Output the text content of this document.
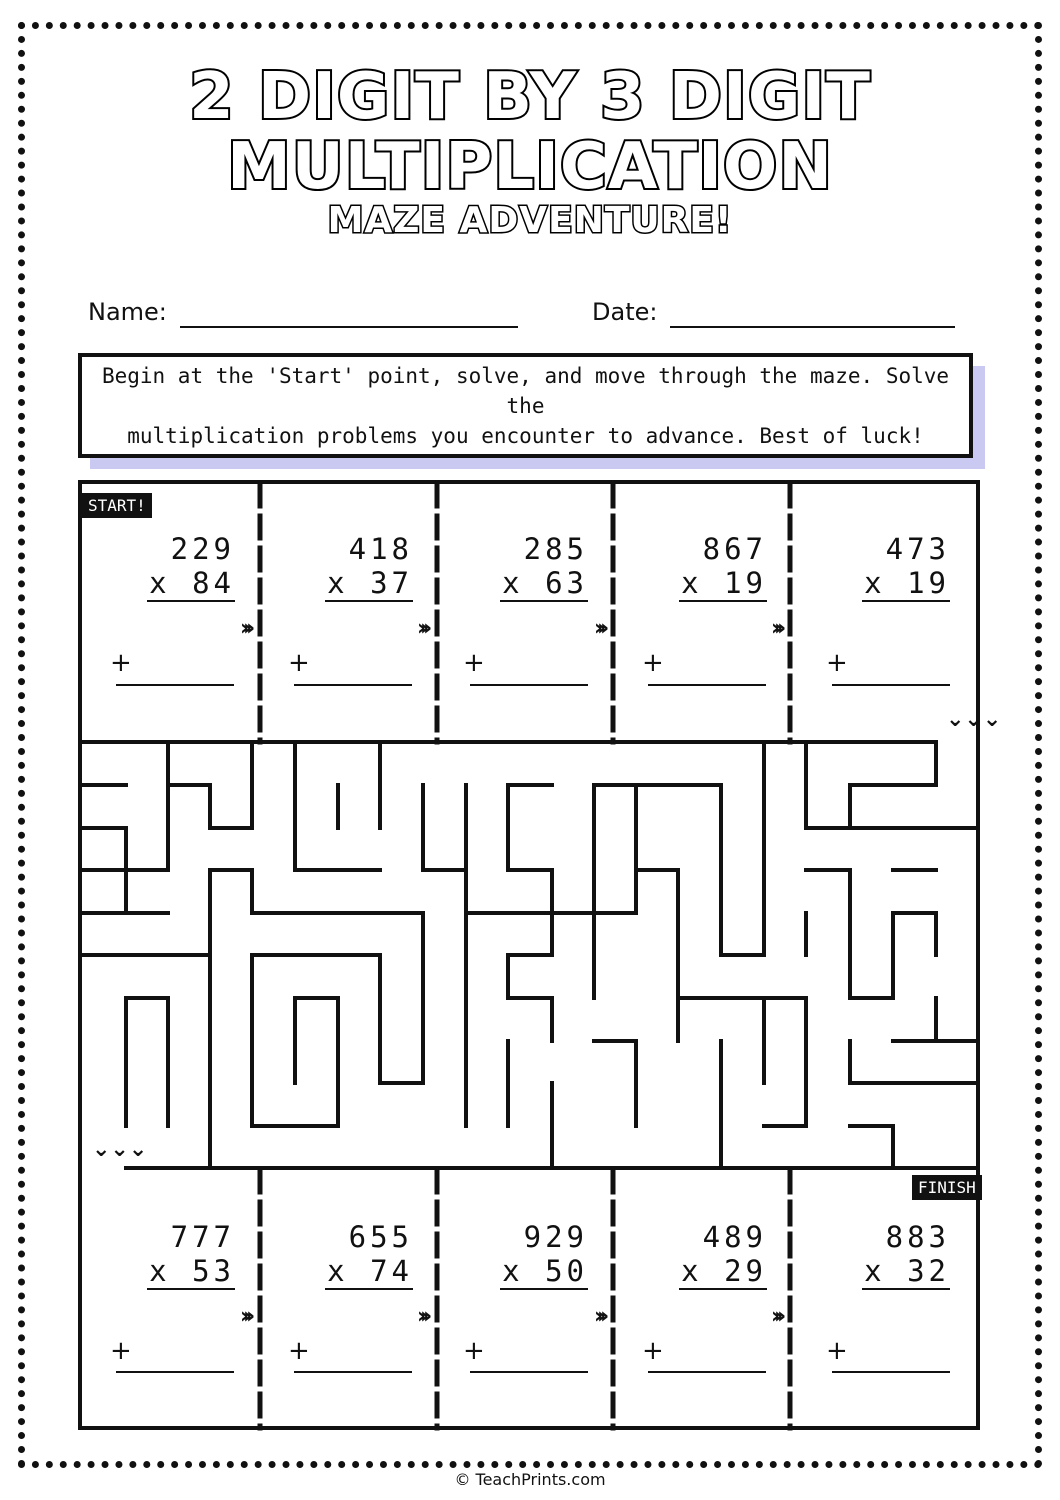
2 DIGIT BY 3 DIGIT
MULTIPLICATION
MAZE ADVENTURE!
Name:	Date:
Begin at the 'Start' point, solve, and move through the maze. Solve the
multiplication problems you encounter to advance. Best of luck!
START!
FINISH
229
x 84
418
x 37
285
x 63
867
x 19
473
x 19
+	+	+	+	+
›››	›››	›››	›››
⌄⌄⌄
⌄⌄⌄
777
x 53
655
x 74
929
x 50
489
x 29
883
x 32
+	+	+	+	+
›››	›››	›››	›››
© TeachPrints.com
